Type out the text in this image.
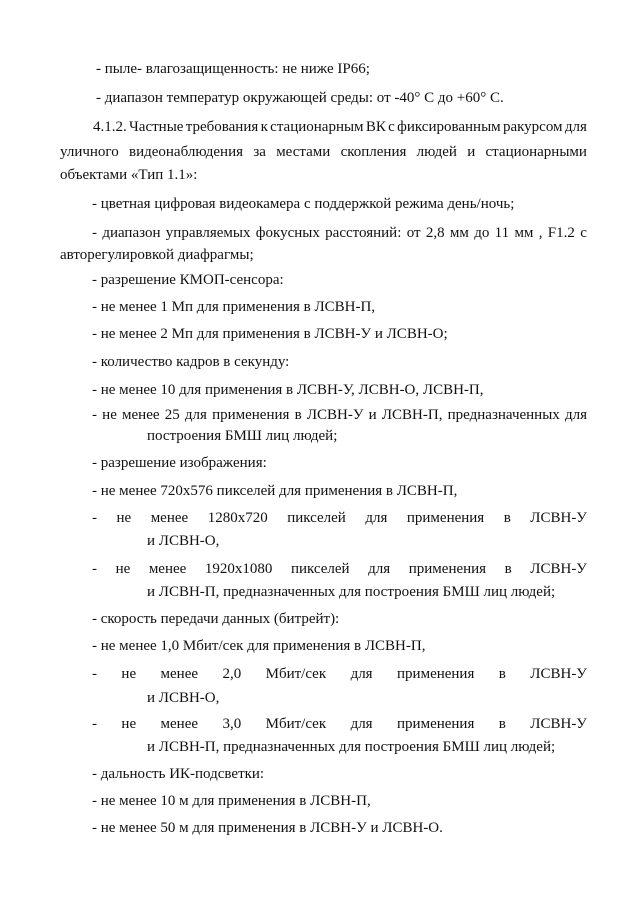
- пыле- влагозащищенность: не ниже IP66;
- диапазон температур окружающей среды: от -40° С до +60° С.
4.1.2. Частные требования к стационарным ВК с фиксированным ракурсом для
уличного видеонаблюдения за местами скопления людей и стационарными
объектами «Тип 1.1»:
- цветная цифровая видеокамера с поддержкой режима день/ночь;
- диапазон управляемых фокусных расстояний: от 2,8 мм до 11 мм , F1.2 с
авторегулировкой диафрагмы;
- разрешение КМОП-сенсора:
- не менее 1 Мп для применения в ЛСВН-П,
- не менее 2 Мп для применения в ЛСВН-У и ЛСВН-О;
- количество кадров в секунду:
- не менее 10 для применения в ЛСВН-У, ЛСВН-О, ЛСВН-П,
- не менее 25 для применения в ЛСВН-У и ЛСВН-П, предназначенных для
построения БМШ лиц людей;
- разрешение изображения:
- не менее 720х576 пикселей для применения в ЛСВН-П,
- не менее 1280х720 пикселей для применения в ЛСВН-У
и ЛСВН-О,
- не менее 1920х1080 пикселей для применения в ЛСВН-У
и ЛСВН-П, предназначенных для построения БМШ лиц людей;
- скорость передачи данных (битрейт):
- не менее 1,0 Мбит/сек для применения в ЛСВН-П,
- не менее 2,0 Мбит/сек для применения в ЛСВН-У
и ЛСВН-О,
- не менее 3,0 Мбит/сек для применения в ЛСВН-У
и ЛСВН-П, предназначенных для построения БМШ лиц людей;
- дальность ИК-подсветки:
- не менее 10 м для применения в ЛСВН-П,
- не менее 50 м для применения в ЛСВН-У и ЛСВН-О.
